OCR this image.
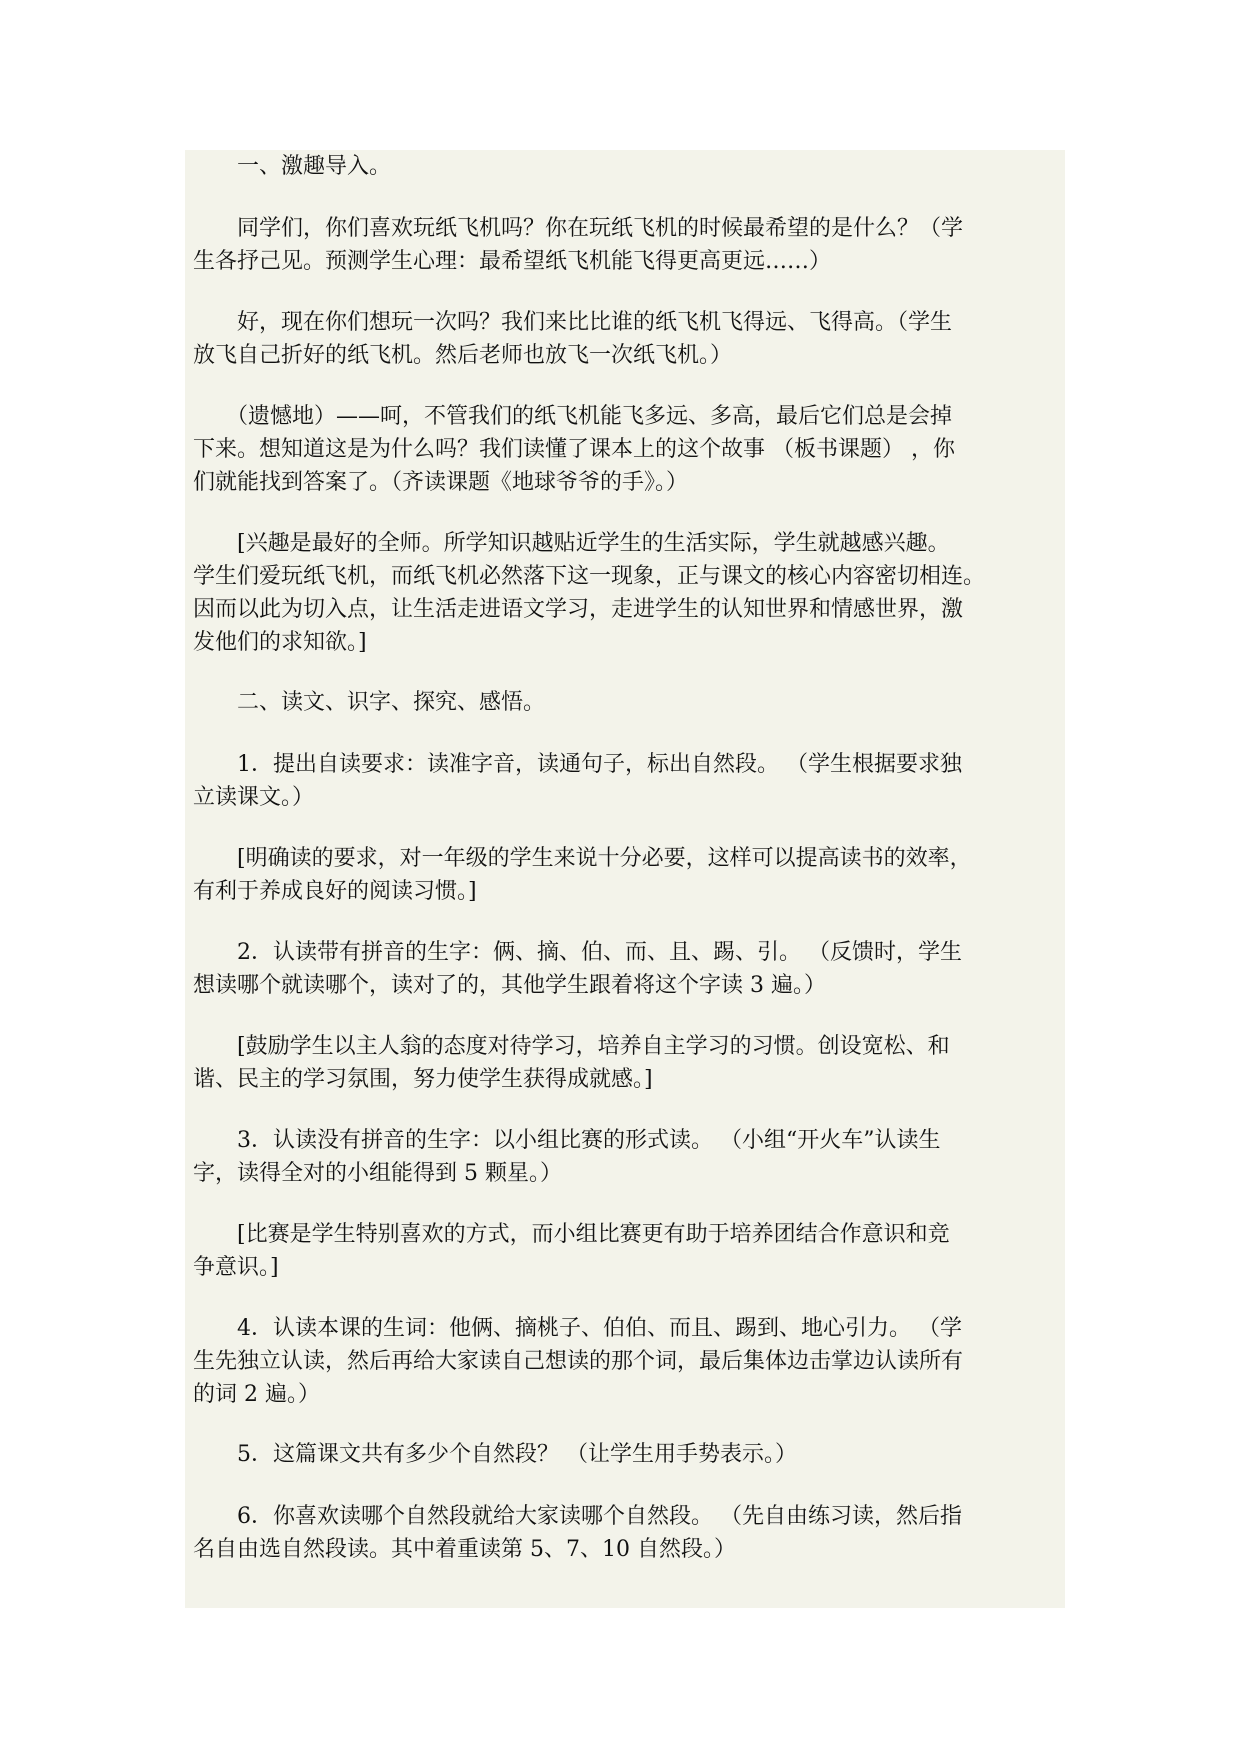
　　一、激趣导入。
　　同学们，你们喜欢玩纸飞机吗？你在玩纸飞机的时候最希望的是什么？（学
生各抒己见。预测学生心理：最希望纸飞机能飞得更高更远……）
　　好，现在你们想玩一次吗？我们来比比谁的纸飞机飞得远、飞得高。（学生
放飞自己折好的纸飞机。然后老师也放飞一次纸飞机。）
　　（遗憾地）——呵，不管我们的纸飞机能飞多远、多高，最后它们总是会掉
下来。想知道这是为什么吗？我们读懂了课本上的这个故事 （板书课题） ，你
们就能找到答案了。（齐读课题《地球爷爷的手》。）
　　[兴趣是最好的全师。所学知识越贴近学生的生活实际，学生就越感兴趣。
学生们爱玩纸飞机，而纸飞机必然落下这一现象，正与课文的核心内容密切相连。
因而以此为切入点，让生活走进语文学习，走进学生的认知世界和情感世界，激
发他们的求知欲。]
　　二、读文、识字、探究、感悟。
　　1．提出自读要求：读准字音，读通句子，标出自然段。 （学生根据要求独
立读课文。）
　　[明确读的要求，对一年级的学生来说十分必要，这样可以提高读书的效率，
有利于养成良好的阅读习惯。]
　　2．认读带有拼音的生字：俩、摘、伯、而、且、踢、引。 （反馈时，学生
想读哪个就读哪个，读对了的，其他学生跟着将这个字读 3 遍。）
　　[鼓励学生以主人翁的态度对待学习，培养自主学习的习惯。创设宽松、和
谐、民主的学习氛围，努力使学生获得成就感。]
　　3．认读没有拼音的生字：以小组比赛的形式读。 （小组“开火车”认读生
字，读得全对的小组能得到 5 颗星。）
　　[比赛是学生特别喜欢的方式，而小组比赛更有助于培养团结合作意识和竞
争意识。]
　　4．认读本课的生词：他俩、摘桃子、伯伯、而且、踢到、地心引力。 （学
生先独立认读，然后再给大家读自己想读的那个词，最后集体边击掌边认读所有
的词 2 遍。）
　　5．这篇课文共有多少个自然段？ （让学生用手势表示。）
　　6．你喜欢读哪个自然段就给大家读哪个自然段。 （先自由练习读，然后指
名自由选自然段读。其中着重读第 5、7、10 自然段。）
